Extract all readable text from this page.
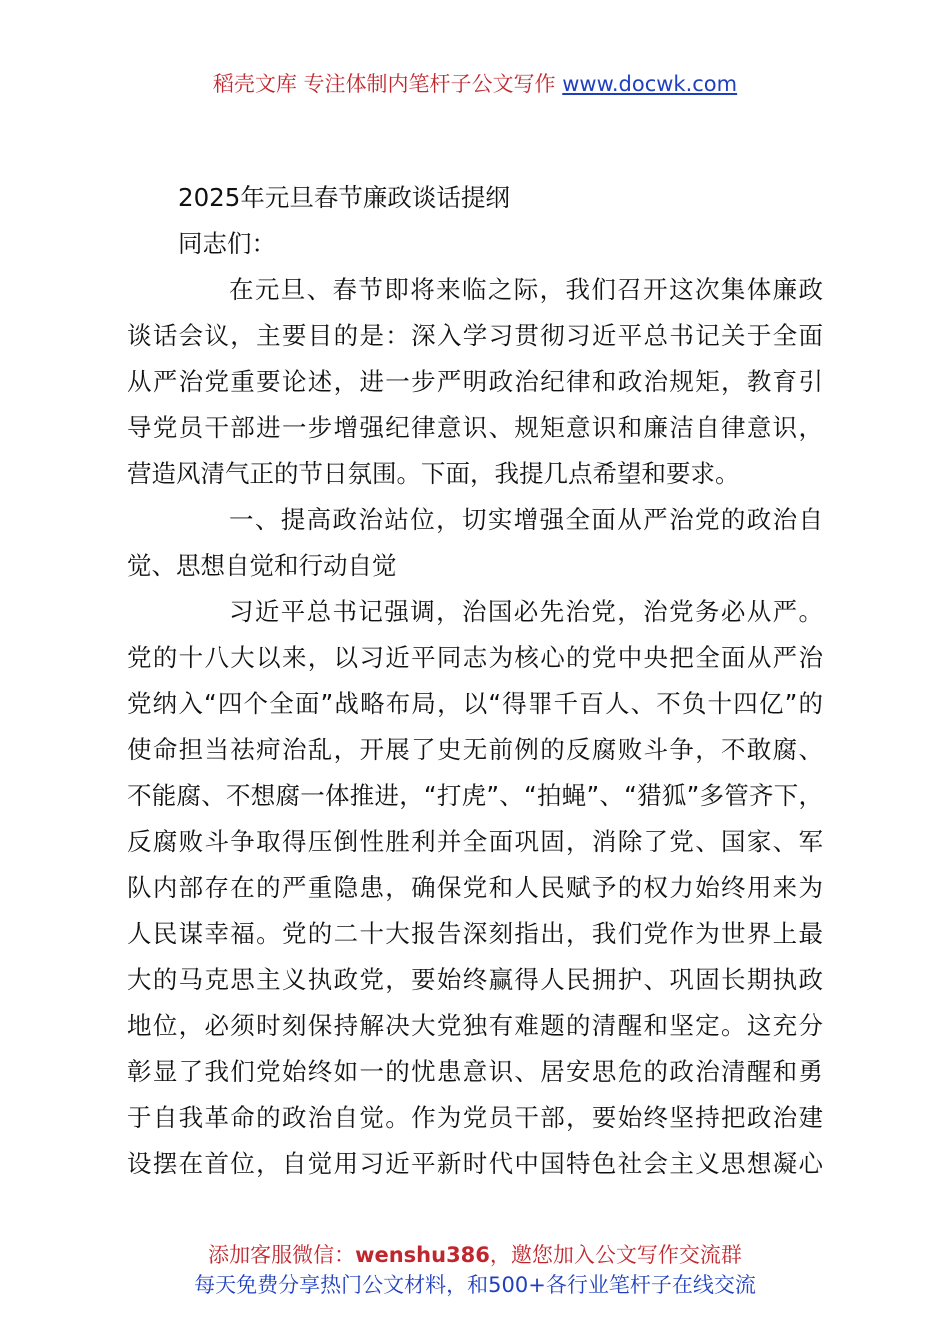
稻壳文库 专注体制内笔杆子公文写作 www.docwk.com
2025年元旦春节廉政谈话提纲
同志们：
在元旦、春节即将来临之际，我们召开这次集体廉政
谈话会议，主要目的是：深入学习贯彻习近平总书记关于全面
从严治党重要论述，进一步严明政治纪律和政治规矩，教育引
导党员干部进一步增强纪律意识、规矩意识和廉洁自律意识，
营造风清气正的节日氛围。下面，我提几点希望和要求。
一、提高政治站位，切实增强全面从严治党的政治自
觉、思想自觉和行动自觉
习近平总书记强调，治国必先治党，治党务必从严。
党的十八大以来，以习近平同志为核心的党中央把全面从严治
党纳入“四个全面”战略布局，以“得罪千百人、不负十四亿”的
使命担当祛疴治乱，开展了史无前例的反腐败斗争，不敢腐、
不能腐、不想腐一体推进，“打虎”、“拍蝇”、“猎狐”多管齐下，
反腐败斗争取得压倒性胜利并全面巩固，消除了党、国家、军
队内部存在的严重隐患，确保党和人民赋予的权力始终用来为
人民谋幸福。党的二十大报告深刻指出，我们党作为世界上最
大的马克思主义执政党，要始终赢得人民拥护、巩固长期执政
地位，必须时刻保持解决大党独有难题的清醒和坚定。这充分
彰显了我们党始终如一的忧患意识、居安思危的政治清醒和勇
于自我革命的政治自觉。作为党员干部，要始终坚持把政治建
设摆在首位，自觉用习近平新时代中国特色社会主义思想凝心
添加客服微信：wenshu386，邀您加入公文写作交流群
每天免费分享热门公文材料，和500+各行业笔杆子在线交流
